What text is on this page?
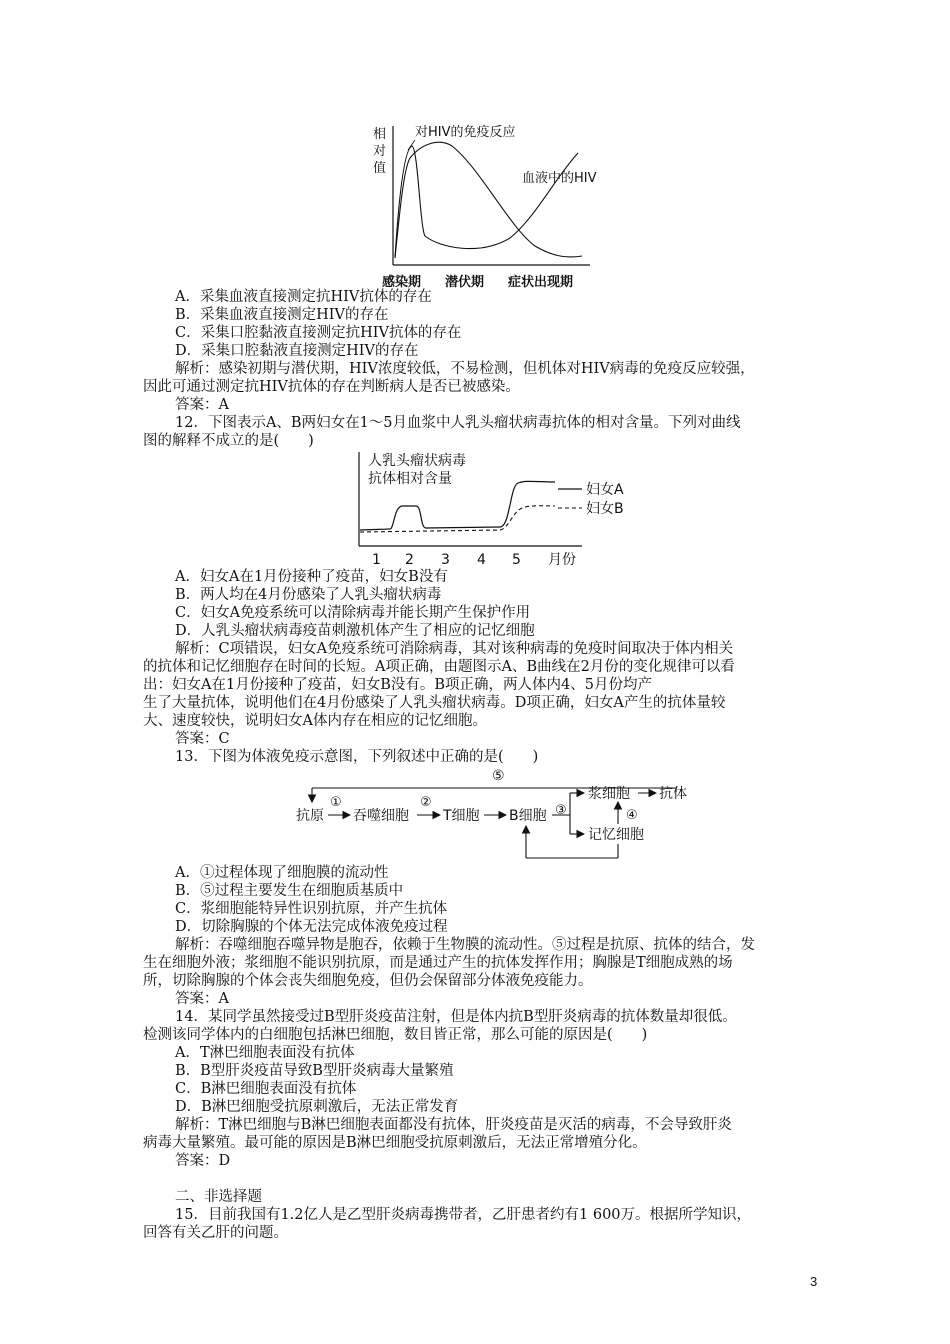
相
对
值
对HIV的免疫反应
血液中的HIV
感染期 潜伏期 症状出现期
A．采集血液直接测定抗HIV抗体的存在
B．采集血液直接测定HIV的存在
C．采集口腔黏液直接测定抗HIV抗体的存在
D．采集口腔黏液直接测定HIV的存在
解析：感染初期与潜伏期，HIV浓度较低，不易检测，但机体对HIV病毒的免疫反应较强，
因此可通过测定抗HIV抗体的存在判断病人是否已被感染。
答案：A
12．下图表示A、B两妇女在1～5月血浆中人乳头瘤状病毒抗体的相对含量。下列对曲线
图的解释不成立的是(　　)
人乳头瘤状病毒
抗体相对含量
妇女A
妇女B
1 2 3 4 5 月份
A．妇女A在1月份接种了疫苗，妇女B没有
B．两人均在4月份感染了人乳头瘤状病毒
C．妇女A免疫系统可以清除病毒并能长期产生保护作用
D．人乳头瘤状病毒疫苗刺激机体产生了相应的记忆细胞
解析：C项错误，妇女A免疫系统可消除病毒，其对该种病毒的免疫时间取决于体内相关
的抗体和记忆细胞存在时间的长短。A项正确，由题图示A、B曲线在2月份的变化规律可以看
出：妇女A在1月份接种了疫苗，妇女B没有。B项正确，两人体内4、5月份均产
生了大量抗体，说明他们在4月份感染了人乳头瘤状病毒。D项正确，妇女A产生的抗体量较
大、速度较快，说明妇女A体内存在相应的记忆细胞。
答案：C
13．下图为体液免疫示意图，下列叙述中正确的是(　　)
⑤
抗原
①
吞噬细胞
②
T细胞 B细胞 ③
浆细胞 抗体
④
记忆细胞
A．①过程体现了细胞膜的流动性
B．⑤过程主要发生在细胞质基质中
C．浆细胞能特异性识别抗原，并产生抗体
D．切除胸腺的个体无法完成体液免疫过程
解析：吞噬细胞吞噬异物是胞吞，依赖于生物膜的流动性。⑤过程是抗原、抗体的结合，发
生在细胞外液；浆细胞不能识别抗原，而是通过产生的抗体发挥作用；胸腺是T细胞成熟的场
所，切除胸腺的个体会丧失细胞免疫，但仍会保留部分体液免疫能力。
答案：A
14．某同学虽然接受过B型肝炎疫苗注射，但是体内抗B型肝炎病毒的抗体数量却很低。
检测该同学体内的白细胞包括淋巴细胞，数目皆正常，那么可能的原因是(　　)
A．T淋巴细胞表面没有抗体
B．B型肝炎疫苗导致B型肝炎病毒大量繁殖
C．B淋巴细胞表面没有抗体
D．B淋巴细胞受抗原刺激后，无法正常发育
解析：T淋巴细胞与B淋巴细胞表面都没有抗体，肝炎疫苗是灭活的病毒，不会导致肝炎
病毒大量繁殖。最可能的原因是B淋巴细胞受抗原刺激后，无法正常增殖分化。
答案：D
二、非选择题
15．目前我国有1.2亿人是乙型肝炎病毒携带者，乙肝患者约有1 600万。根据所学知识，
回答有关乙肝的问题。
3
